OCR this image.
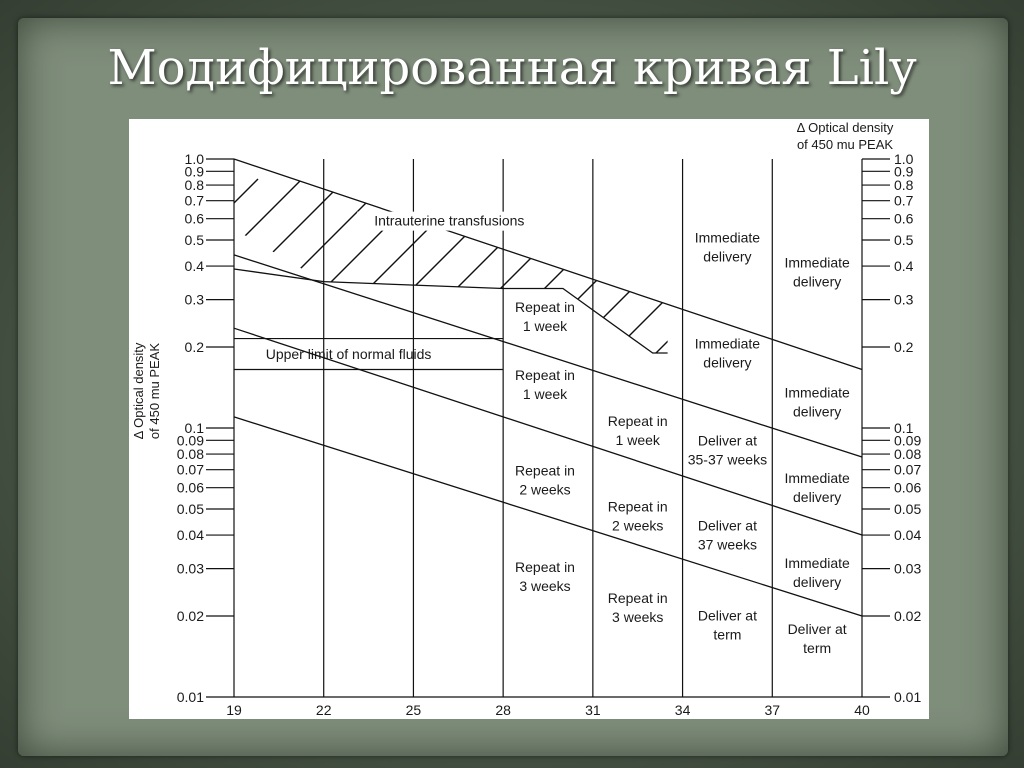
Модифицированная кривая Lily
19	22	25	28	31	34	37	40
1.0	1.0
0.9	0.9
0.8	0.8
0.7	0.7
0.6	0.6
0.5	0.5
0.4	0.4
0.3	0.3
0.2	0.2
0.1	0.1
0.09	0.09
0.08	0.08
0.07	0.07
0.06	0.06
0.05	0.05
0.04	0.04
0.03	0.03
0.02	0.02
0.01	0.01
Δ Optical density of 450 mu PEAK
Δ Optical density
of 450 mu PEAK
Upper limit of normal fluids
Intrauterine transfusions
Repeat in
1 week
Repeat in
1 week
Repeat in
2 weeks
Repeat in
3 weeks
Repeat in
1 week
Repeat in
2 weeks
Repeat in
3 weeks
Immediate
delivery
Immediate
delivery
Deliver at
35-37 weeks
Deliver at
37 weeks
Deliver at
term
Immediate
delivery
Immediate
delivery
Immediate
delivery
Immediate
delivery
Deliver at
term
